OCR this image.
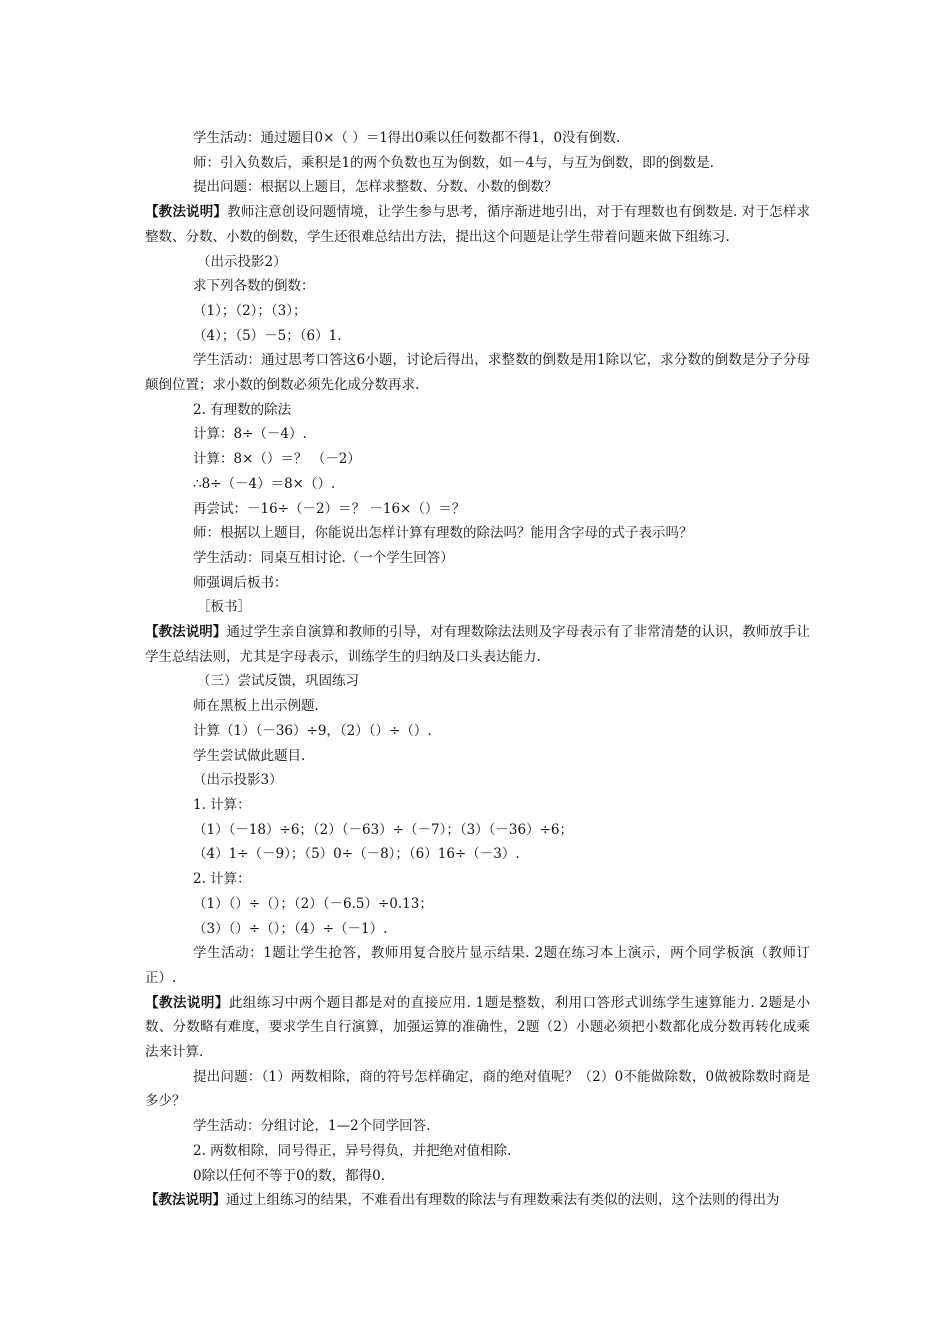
学生活动：通过题目0×（ ）＝1得出0乘以任何数都不得1，0没有倒数.

师：引入负数后，乘积是1的两个负数也互为倒数，如－4与，与互为倒数，即的倒数是.

提出问题：根据以上题目，怎样求整数、分数、小数的倒数？

【教法说明】教师注意创设问题情境，让学生参与思考，循序渐进地引出，对于有理数也有倒数是. 对于怎样求整数、分数、小数的倒数，学生还很难总结出方法，提出这个问题是让学生带着问题来做下组练习.

（出示投影2）

求下列各数的倒数：

（1）；（2）；（3）；

（4）；（5）－5；（6）1.

学生活动：通过思考口答这6小题，讨论后得出，求整数的倒数是用1除以它，求分数的倒数是分子分母颠倒位置；求小数的倒数必须先化成分数再求.

2. 有理数的除法

计算：8÷（－4）.

计算：8×（）＝？ （－2）

∴8÷（－4）＝8×（）.

再尝试：－16÷（－2）＝？ －16×（）＝？

师：根据以上题目，你能说出怎样计算有理数的除法吗？能用含字母的式子表示吗？

学生活动：同桌互相讨论.（一个学生回答）

师强调后板书：

［板书］

【教法说明】通过学生亲自演算和教师的引导，对有理数除法法则及字母表示有了非常清楚的认识，教师放手让学生总结法则，尤其是字母表示，训练学生的归纳及口头表达能力.

（三）尝试反馈，巩固练习

师在黑板上出示例题.

计算（1）（－36）÷9，（2）（）÷（）.

学生尝试做此题目.

（出示投影3）

1. 计算：

（1）（－18）÷6；（2）（－63）÷（－7）；（3）（－36）÷6；

（4）1÷（－9）；（5）0÷（－8）；（6）16÷（－3）.

2. 计算：

（1）（）÷（）；（2）（－6.5）÷0.13；

（3）（）÷（）；（4）÷（－1）.

学生活动：1题让学生抢答，教师用复合胶片显示结果. 2题在练习本上演示，两个同学板演（教师订正）.

【教法说明】此组练习中两个题目都是对的直接应用. 1题是整数，利用口答形式训练学生速算能力. 2题是小数、分数略有难度，要求学生自行演算，加强运算的准确性，2题（2）小题必须把小数都化成分数再转化成乘法来计算.

提出问题：（1）两数相除，商的符号怎样确定，商的绝对值呢？（2）0不能做除数，0做被除数时商是多少？

学生活动：分组讨论，1—2个同学回答.

2. 两数相除，同号得正，异号得负，并把绝对值相除.

0除以任何不等于0的数，都得0.

【教法说明】通过上组练习的结果，不难看出有理数的除法与有理数乘法有类似的法则，这个法则的得出为
